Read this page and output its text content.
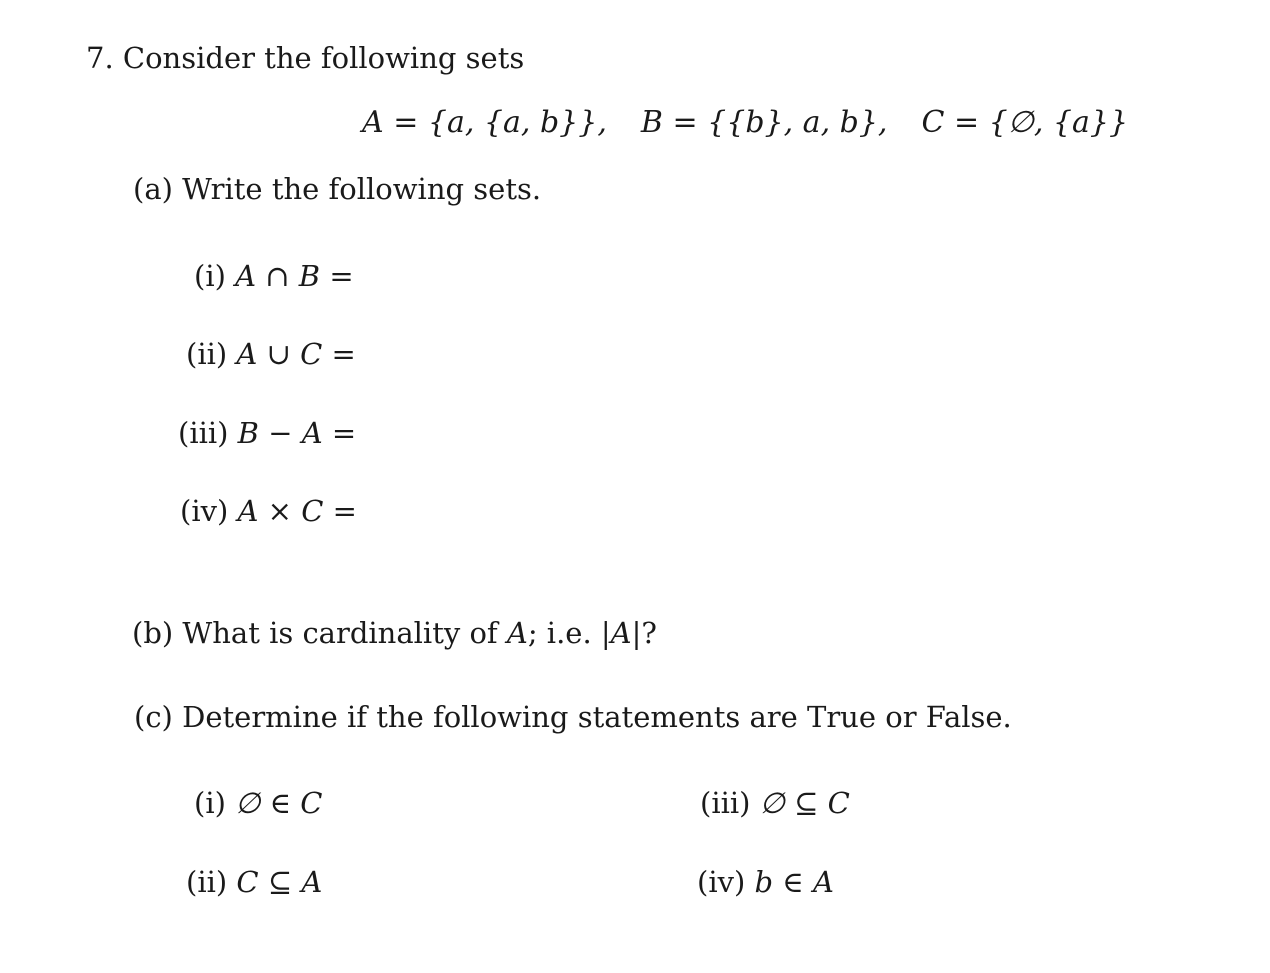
7. Consider the following sets
A = {a, {a, b}}, B = {{b}, a, b}, C = {∅, {a}}
(a) Write the following sets.
(i) A ∩ B =
(ii) A ∪ C =
(iii) B − A =
(iv) A × C =
(b) What is cardinality of A; i.e. |A|?
(c) Determine if the following statements are True or False.
(i) ∅ ∈ C
(ii) C ⊆ A
(iii) ∅ ⊆ C
(iv) b ∈ A
